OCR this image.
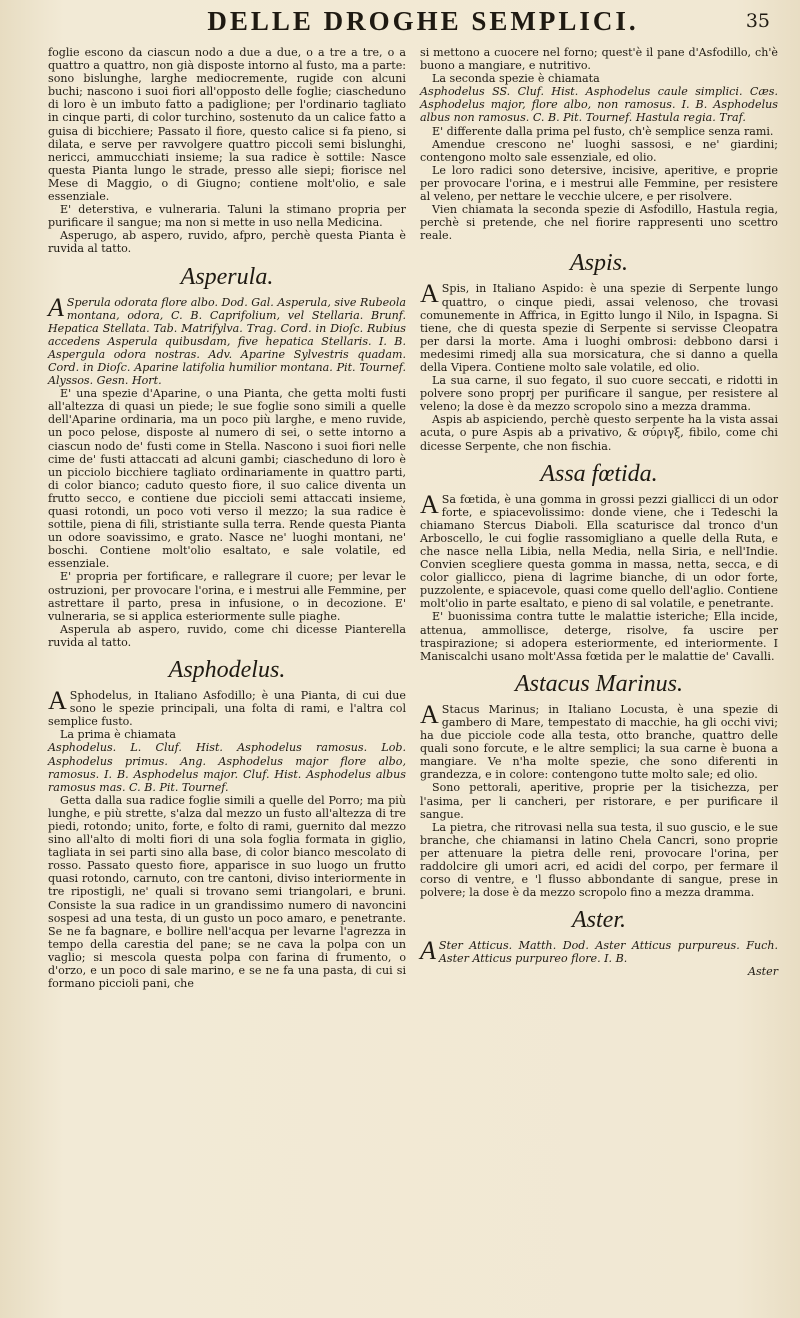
DELLE DROGHE SEMPLICI.	35

foglie escono da ciascun nodo a due a due, o a tre a tre, o a quattro a quattro, non già disposte intorno al fusto, ma a parte: sono bislunghe, larghe mediocremente, rugide con alcuni buchi; nascono i suoi fiori all'opposto delle foglie; ciascheduno di loro è un imbuto fatto a padiglione; per l'ordinario tagliato in cinque parti, di color turchino, sostenuto da un calice fatto a guisa di bicchiere; Passato il fiore, questo calice si fa pieno, si dilata, e serve per ravvolgere quattro piccoli semi bislunghi, nericci, ammucchiati insieme; la sua radice è sottile: Nasce questa Pianta lungo le strade, presso alle siepi; fiorisce nel Mese di Maggio, o di Giugno; contiene molt'olio, e sale essenziale.

E' deterstiva, e vulneraria. Taluni la stimano propria per purificare il sangue; ma non si mette in uso nella Medicina.

Asperugo, ab aspero, ruvido, afpro, perchè questa Pianta è ruvida al tatto.

Asperula.

A Sperula odorata flore albo. Dod. Gal. Asperula, sive Rubeola montana, odora, C. B. Caprifolium, vel Stellaria. Brunf. Hepatica Stellata. Tab. Matrifylva. Trag. Cord. in Dioſc. Rubius accedens Asperula quibusdam, five hepatica Stellaris. I. B. Aspergula odora nostras. Adv. Aparine Sylvestris quadam. Cord. in Dioſc. Aparine latifolia humilior montana. Pit. Tournef. Alyssos. Gesn. Hort.

E' una spezie d'Aparine, o una Pianta, che getta molti fusti all'altezza di quasi un piede; le sue foglie sono simili a quelle dell'Aparine ordinaria, ma un poco più larghe, e meno ruvide, un poco pelose, disposte al numero di sei, o sette intorno a ciascun nodo de' fusti come in Stella. Nascono i suoi fiori nelle cime de' fusti attaccati ad alcuni gambi; ciascheduno di loro è un picciolo bicchiere tagliato ordinariamente in quattro parti, di color bianco; caduto questo fiore, il suo calice diventa un frutto secco, e contiene due piccioli semi attaccati insieme, quasi rotondi, un poco voti verso il mezzo; la sua radice è sottile, piena di fili, stristiante sulla terra. Rende questa Pianta un odore soavissimo, e grato. Nasce ne' luoghi montani, ne' boschi. Contiene molt'olio esaltato, e sale volatile, ed essenziale.

E' propria per fortificare, e rallegrare il cuore; per levar le ostruzioni, per provocare l'orina, e i mestrui alle Femmine, per astrettare il parto, presa in infusione, o in decozione. E' vulneraria, se si applica esteriormente sulle piaghe.

Asperula ab aspero, ruvido, come chi dicesse Pianterella ruvida al tatto.

Asphodelus.

A Sphodelus, in Italiano Asfodillo; è una Pianta, di cui due sono le spezie principali, una folta di rami, e l'altra col semplice fusto.

La prima è chiamata

Asphodelus. L. Cluf. Hist. Asphodelus ramosus. Lob. Asphodelus primus. Ang. Asphodelus major flore albo, ramosus. I. B. Asphodelus major. Cluf. Hist. Asphodelus albus ramosus mas. C. B. Pit. Tournef.

Getta dalla sua radice foglie simili a quelle del Porro; ma più lunghe, e più strette, s'alza dal mezzo un fusto all'altezza di tre piedi, rotondo; unito, forte, e folto di rami, guernito dal mezzo sino all'alto di molti fiori di una sola foglia formata in giglio, tagliata in sei parti sino alla base, di color bianco mescolato di rosso. Passato questo fiore, apparisce in suo luogo un frutto quasi rotondo, carnuto, con tre cantoni, diviso interiormente in tre ripostigli, ne' quali si trovano semi triangolari, e bruni. Consiste la sua radice in un grandissimo numero di navoncini sospesi ad una testa, di un gusto un poco amaro, e penetrante. Se ne fa bagnare, e bollire nell'acqua per levarne l'agrezza in tempo della carestia del pane; se ne cava la polpa con un vaglio; si mescola questa polpa con farina di frumento, o d'orzo, e un poco di sale marino, e se ne fa una pasta, di cui si formano piccioli pani, che

si mettono a cuocere nel forno; quest'è il pane d'Asfodillo, ch'è buono a mangiare, e nutritivo.

La seconda spezie è chiamata

Asphodelus SS. Cluf. Hist. Asphodelus caule simplici. Cæs. Asphodelus major, flore albo, non ramosus. I. B. Asphodelus albus non ramosus. C. B. Pit. Tournef. Hastula regia. Traf.

E' differente dalla prima pel fusto, ch'è semplice senza rami.

Amendue crescono ne' luoghi sassosi, e ne' giardini; contengono molto sale essenziale, ed olio.

Le loro radici sono detersive, incisive, aperitive, e proprie per provocare l'orina, e i mestrui alle Femmine, per resistere al veleno, per nettare le vecchie ulcere, e per risolvere.

Vien chiamata la seconda spezie di Asfodillo, Hastula regia, perchè si pretende, che nel fiorire rappresenti uno scettro reale.

Aspis.

A Spis, in Italiano Aspido: è una spezie di Serpente lungo quattro, o cinque piedi, assai velenoso, che trovasi comunemente in Affrica, in Egitto lungo il Nilo, in Ispagna. Si tiene, che di questa spezie di Serpente si servisse Cleopatra per darsi la morte. Ama i luoghi ombrosi: debbono darsi i medesimi rimedj alla sua morsicatura, che si danno a quella della Vipera. Contiene molto sale volatile, ed olio.

La sua carne, il suo fegato, il suo cuore seccati, e ridotti in polvere sono proprj per purificare il sangue, per resistere al veleno; la dose è da mezzo scropolo sino a mezza dramma.

Aspis ab aspiciendo, perchè questo serpente ha la vista assai acuta, o pure Aspis ab a privativo, & σύριγξ, fibilo, come chi dicesse Serpente, che non fischia.

Assa fœtida.

A Sa fœtida, è una gomma in grossi pezzi giallicci di un odor forte, e spiacevolissimo: donde viene, che i Tedeschi la chiamano Stercus Diaboli. Ella scaturisce dal tronco d'un Arboscello, le cui foglie rassomigliano a quelle della Ruta, e che nasce nella Libia, nella Media, nella Siria, e nell'Indie. Convien scegliere questa gomma in massa, netta, secca, e di color giallicco, piena di lagrime bianche, di un odor forte, puzzolente, e spiacevole, quasi come quello dell'aglio. Contiene molt'olio in parte esaltato, e pieno di sal volatile, e penetrante.

E' buonissima contra tutte le malattie isteriche; Ella incide, attenua, ammollisce, deterge, risolve, fa uscire per traspirazione; si adopera esteriormente, ed interiormente. I Maniscalchi usano molt'Assa fœtida per le malattie de' Cavalli.

Astacus Marinus.

A Stacus Marinus; in Italiano Locusta, è una spezie di gambero di Mare, tempestato di macchie, ha gli occhi vivi; ha due picciole code alla testa, otto branche, quattro delle quali sono forcute, e le altre semplici; la sua carne è buona a mangiare. Ve n'ha molte spezie, che sono diferenti in grandezza, e in colore: contengono tutte molto sale; ed olio.

Sono pettorali, aperitive, proprie per la tisichezza, per l'asima, per li cancheri, per ristorare, e per purificare il sangue.

La pietra, che ritrovasi nella sua testa, il suo guscio, e le sue branche, che chiamansi in latino Chela Cancri, sono proprie per attenuare la pietra delle reni, provocare l'orina, per raddolcire gli umori acri, ed acidi del corpo, per fermare il corso di ventre, e 'l flusso abbondante di sangue, prese in polvere; la dose è da mezzo scropolo fino a mezza dramma.

Aster.

A Ster Atticus. Matth. Dod. Aster Atticus purpureus. Fuch. Aster Atticus purpureo flore. I. B.

Aster
